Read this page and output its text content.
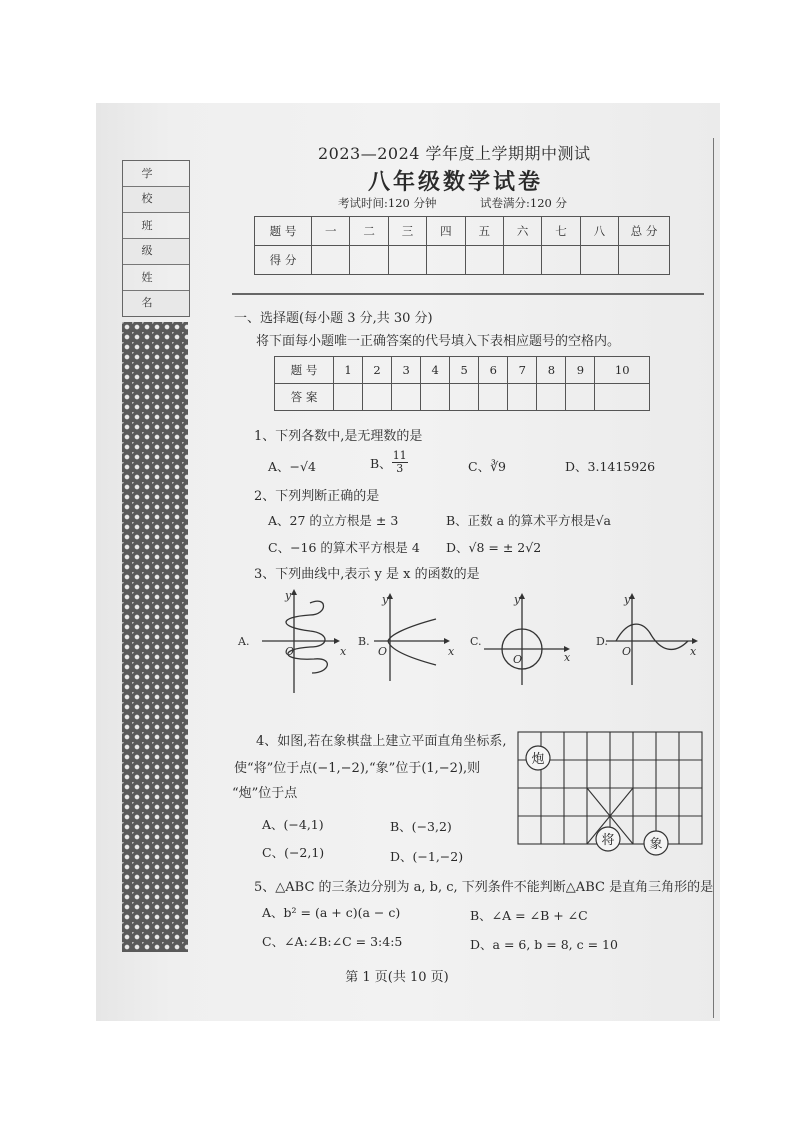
学 校
班 级
姓 名
2023—2024 学年度上学期期中测试
八年级数学试卷
考试时间:120 分钟	试卷满分:120 分
题 号	一	二	三	四	五	六	七	八	总 分
得 分									
一、选择题(每小题 3 分,共 30 分)
将下面每小题唯一正确答案的代号填入下表相应题号的空格内。
题 号	1	2	3	4	5	6	7	8	9	10
答 案										
1、下列各数中,是无理数的是
A、−√4	B、 $\frac{11}{3}$	C、∛9	D、3.1415926
2、下列判断正确的是
A、27 的立方根是 ± 3	B、正数 a 的算术平方根是√a
C、−16 的算术平方根是 4 D、√8 = ± 2√2
3、下列曲线中,表示 y 是 x 的函数的是
A.
x
y
O
B.
x
y
O
C.
x
y
O
D.
x
y
O
4、如图,若在象棋盘上建立平面直角坐标系,
使“将”位于点(−1,−2),“象”位于(1,−2),则
“炮”位于点
A、(−4,1)	B、(−3,2)
C、(−2,1)	D、(−1,−2)
炮
将	象
5、△ABC 的三条边分别为 a, b, c, 下列条件不能判断△ABC 是直角三角形的是
A、b² = (a + c)(a − c)	B、∠A = ∠B + ∠C
C、∠A:∠B:∠C = 3:4:5	D、a = 6, b = 8, c = 10
第 1 页(共 10 页)
